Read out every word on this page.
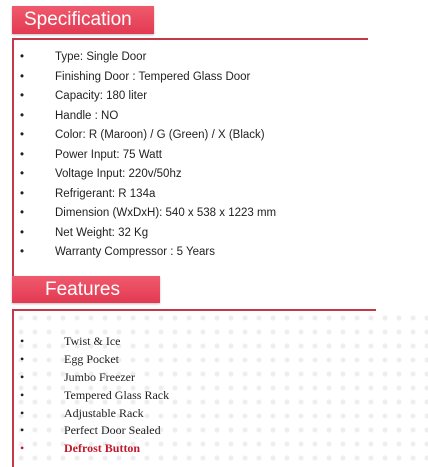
Specification
•	Type: Single Door
•	Finishing Door : Tempered Glass Door
•	Capacity: 180 liter
•	Handle : NO
•	Color: R (Maroon) / G (Green) / X (Black)
•	Power Input: 75 Watt
•	Voltage Input: 220v/50hz
•	Refrigerant: R 134a
•	Dimension (WxDxH): 540 x 538 x 1223 mm
•	Net Weight: 32 Kg
•	Warranty Compressor : 5 Years
Features
•	Twist & Ice
•	Egg Pocket
•	Jumbo Freezer
•	Tempered Glass Rack
•	Adjustable Rack
•	Perfect Door Sealed
•	Defrost Button
